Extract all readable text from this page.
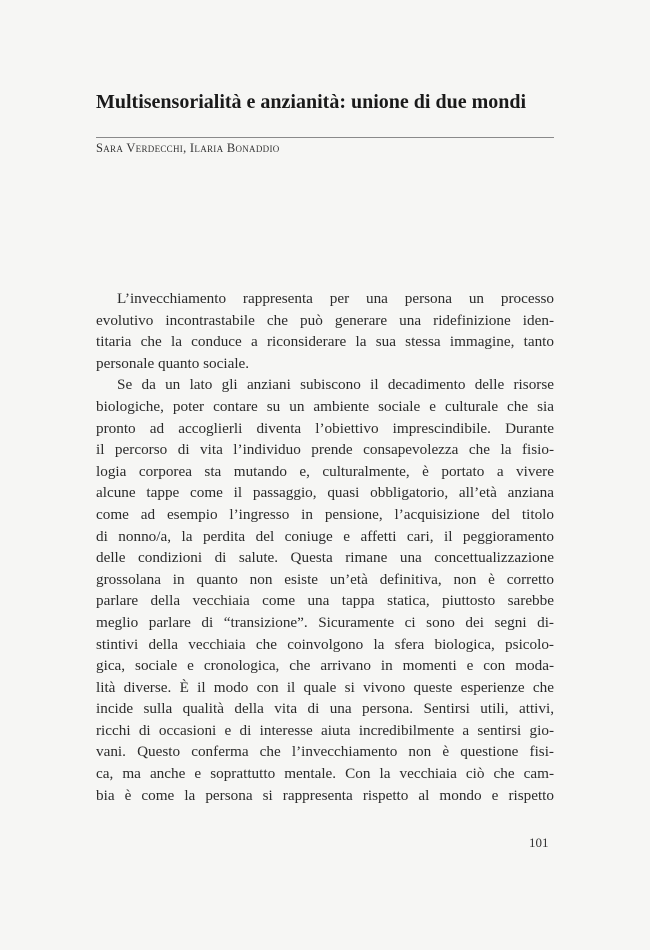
Multisensorialità e anzianità: unione di due mondi
Sara Verdecchi, Ilaria Bonaddio
L’invecchiamento rappresenta per una persona un processo
evolutivo incontrastabile che può generare una ridefinizione iden-
titaria che la conduce a riconsiderare la sua stessa immagine, tanto
personale quanto sociale.
Se da un lato gli anziani subiscono il decadimento delle risorse
biologiche, poter contare su un ambiente sociale e culturale che sia
pronto ad accoglierli diventa l’obiettivo imprescindibile. Durante
il percorso di vita l’individuo prende consapevolezza che la fisio-
logia corporea sta mutando e, culturalmente, è portato a vivere
alcune tappe come il passaggio, quasi obbligatorio, all’età anziana
come ad esempio l’ingresso in pensione, l’acquisizione del titolo
di nonno/a, la perdita del coniuge e affetti cari, il peggioramento
delle condizioni di salute. Questa rimane una concettualizzazione
grossolana in quanto non esiste un’età definitiva, non è corretto
parlare della vecchiaia come una tappa statica, piuttosto sarebbe
meglio parlare di “transizione”. Sicuramente ci sono dei segni di-
stintivi della vecchiaia che coinvolgono la sfera biologica, psicolo-
gica, sociale e cronologica, che arrivano in momenti e con moda-
lità diverse. È il modo con il quale si vivono queste esperienze che
incide sulla qualità della vita di una persona. Sentirsi utili, attivi,
ricchi di occasioni e di interesse aiuta incredibilmente a sentirsi gio-
vani. Questo conferma che l’invecchiamento non è questione fisi-
ca, ma anche e soprattutto mentale. Con la vecchiaia ciò che cam-
bia è come la persona si rappresenta rispetto al mondo e rispetto
101
